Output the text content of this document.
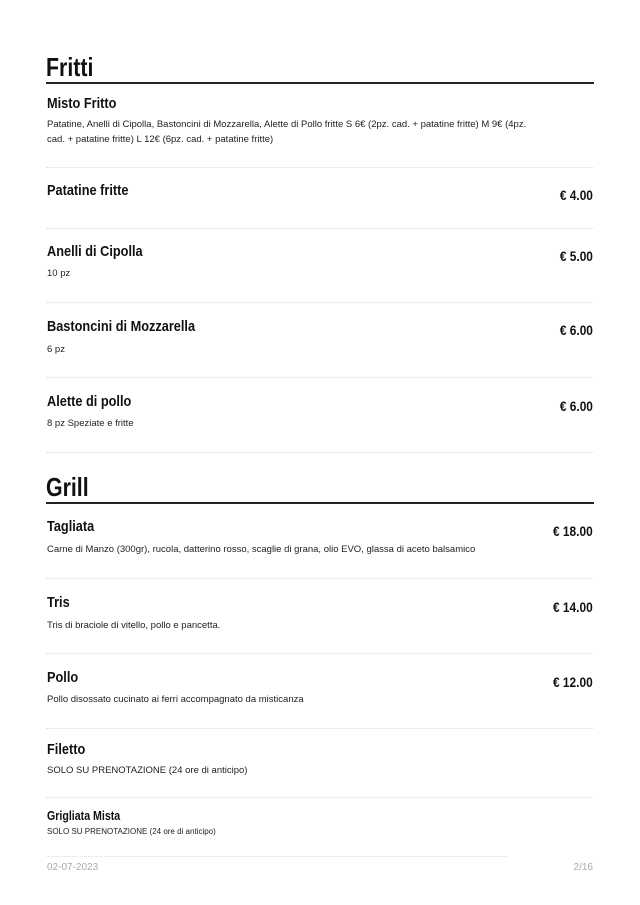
Fritti
Misto Fritto
Patatine, Anelli di Cipolla, Bastoncini di Mozzarella, Alette di Pollo fritte S 6€ (2pz. cad. + patatine fritte) M 9€ (4pz.
cad. + patatine fritte) L 12€ (6pz. cad. + patatine fritte)
Patatine fritte	€ 4.00
Anelli di Cipolla	€ 5.00
10 pz
Bastoncini di Mozzarella	€ 6.00
6 pz
Alette di pollo	€ 6.00
8 pz Speziate e fritte
Grill
Tagliata	€ 18.00
Carne di Manzo (300gr), rucola, datterino rosso, scaglie di grana, olio EVO, glassa di aceto balsamico
Tris	€ 14.00
Tris di braciole di vitello, pollo e pancetta.
Pollo	€ 12.00
Pollo disossato cucinato ai ferri accompagnato da misticanza
Filetto
SOLO SU PRENOTAZIONE (24 ore di anticipo)
Grigliata Mista
SOLO SU PRENOTAZIONE (24 ore di anticipo)
02-07-2023	2/16
